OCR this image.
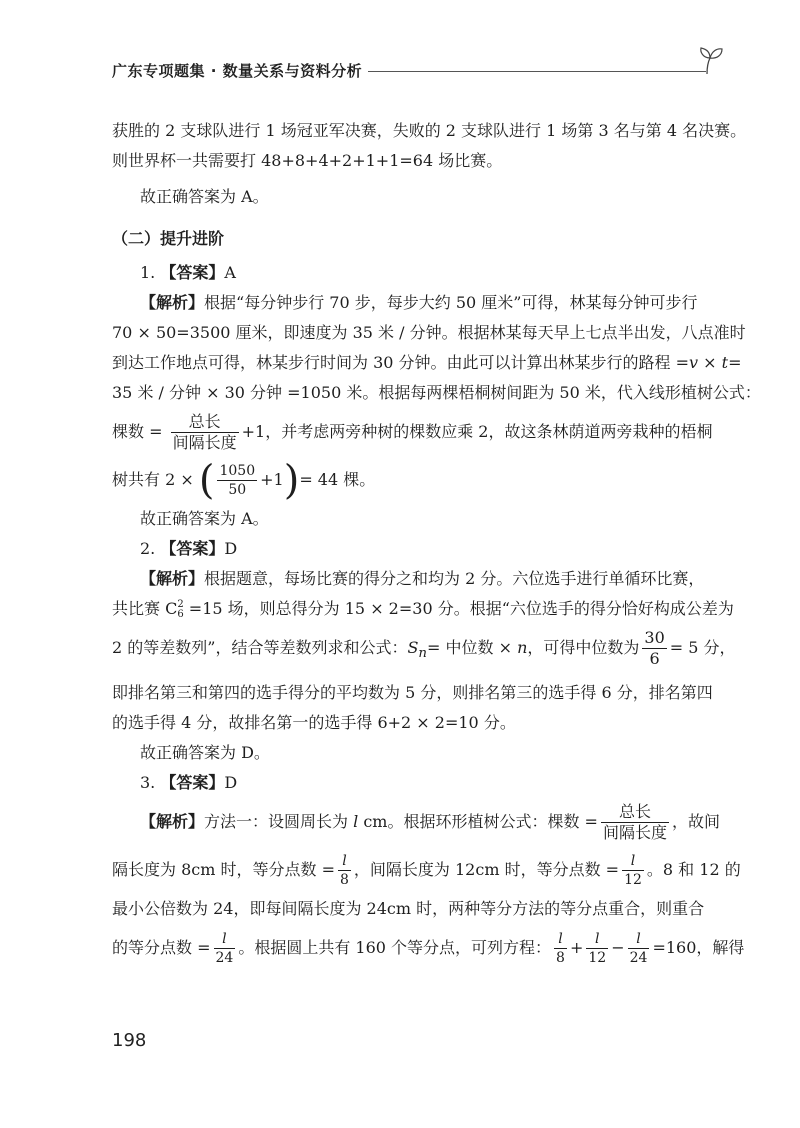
广东专项题集 · 数量关系与资料分析
获胜的 2 支球队进行 1 场冠亚军决赛，失败的 2 支球队进行 1 场第 3 名与第 4 名决赛。
则世界杯一共需要打 48+8+4+2+1+1=64 场比赛。
故正确答案为 A。
（二）提升进阶
1. 【答案】A
【解析】根据“每分钟步行 70 步，每步大约 50 厘米”可得，林某每分钟可步行
70 × 50=3500 厘米，即速度为 35 米 / 分钟。根据林某每天早上七点半出发，八点准时
到达工作地点可得，林某步行时间为 30 分钟。由此可以计算出林某步行的路程 =v × t=
35 米 / 分钟 × 30 分钟 =1050 米。根据每两棵梧桐树间距为 50 米，代入线形植树公式：
棵数 = $\frac{\text{总长}}{\text{间隔长度}} +1$，并考虑两旁种树的棵数应乘 2，故这条林荫道两旁栽种的梧桐
树共有 2 × ( $\frac{1050}{50} +1)= 44$ 棵。
故正确答案为 A。
2. 【答案】D
【解析】根据题意，每场比赛的得分之和均为 2 分。六位选手进行单循环比赛，
共比赛 C 2
6 =15 场，则总得分为 15 × 2=30 分。根据“六位选手的得分恰好构成公差为
2 的等差数列”，结合等差数列求和公式：$S_n=$ 中位数 × n，可得中位数为 $\frac{30}{6} = 5$ 分，
即排名第三和第四的选手得分的平均数为 5 分，则排名第三的选手得 6 分，排名第四
的选手得 4 分，故排名第一的选手得 6+2 × 2=10 分。
故正确答案为 D。
3. 【答案】D
【解析】方法一：设圆周长为 l cm。根据环形植树公式：棵数 = $\frac{\text{总长}}{\text{间隔长度}}$ ，故间
隔长度为 8cm 时，等分点数 = $\frac{l}{8}$ ，间隔长度为 12cm 时，等分点数 = $\frac{l}{12}$ 。8 和 12 的
最小公倍数为 24，即每间隔长度为 24cm 时，两种等分方法的等分点重合，则重合
的等分点数 = $\frac{l}{24}$ 。根据圆上共有 160 个等分点，可列方程： $\frac{l}{8} + \frac{l}{12} - \frac{l}{24} =160$，解得
198
